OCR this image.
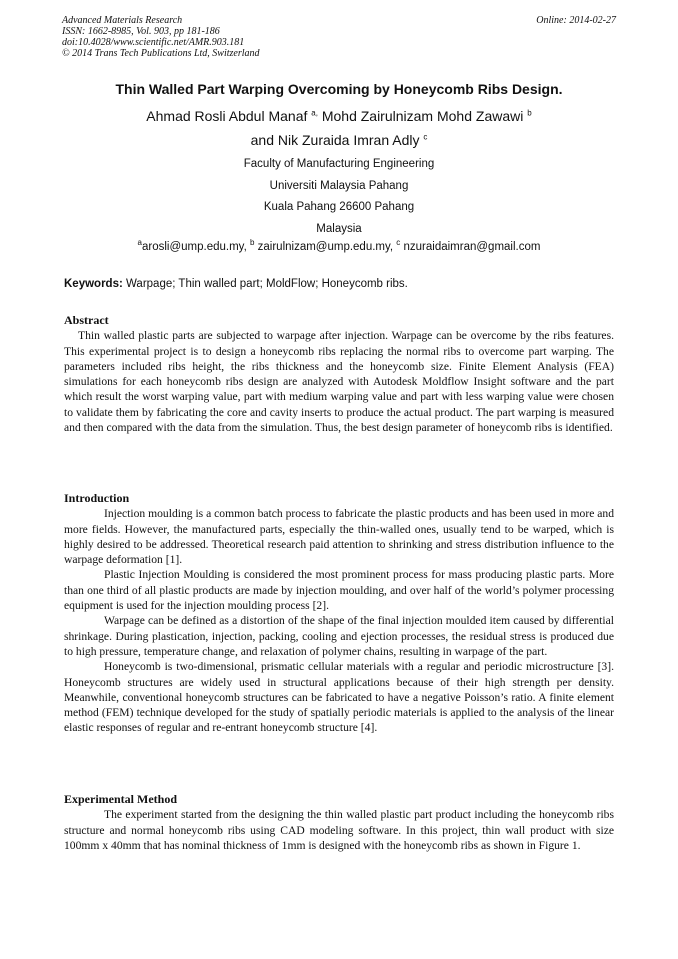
Advanced Materials Research
ISSN: 1662-8985, Vol. 903, pp 181-186
doi:10.4028/www.scientific.net/AMR.903.181
© 2014 Trans Tech Publications Ltd, Switzerland
Online: 2014-02-27
Thin Walled Part Warping Overcoming by Honeycomb Ribs Design.
Ahmad Rosli Abdul Manaf $^{a,}$ Mohd Zairulnizam Mohd Zawawi $^b$
and Nik Zuraida Imran Adly $^c$
Faculty of Manufacturing Engineering
Universiti Malaysia Pahang
Kuala Pahang 26600 Pahang
Malaysia
$^a$arosli@ump.edu.my, $^b$ zairulnizam@ump.edu.my, $^c$ nzuraidaimran@gmail.com
Keywords: Warpage; Thin walled part; MoldFlow; Honeycomb ribs.

Abstract

Thin walled plastic parts are subjected to warpage after injection. Warpage can be overcome by the ribs features. This experimental project is to design a honeycomb ribs replacing the normal ribs to overcome part warping. The parameters included ribs height, the ribs thickness and the honeycomb size. Finite Element Analysis (FEA) simulations for each honeycomb ribs design are analyzed with Autodesk Moldflow Insight software and the part which result the worst warping value, part with medium warping value and part with less warping value were chosen to validate them by fabricating the core and cavity inserts to produce the actual product. The part warping is measured and then compared with the data from the simulation. Thus, the best design parameter of honeycomb ribs is identified.

Introduction

Injection moulding is a common batch process to fabricate the plastic products and has been used in more and more fields. However, the manufactured parts, especially the thin-walled ones, usually tend to be warped, which is highly desired to be addressed. Theoretical research paid attention to shrinking and stress distribution influence to the warpage deformation [1].

Plastic Injection Moulding is considered the most prominent process for mass producing plastic parts. More than one third of all plastic products are made by injection moulding, and over half of the world’s polymer processing equipment is used for the injection moulding process [2].

Warpage can be defined as a distortion of the shape of the final injection moulded item caused by differential shrinkage. During plastication, injection, packing, cooling and ejection processes, the residual stress is produced due to high pressure, temperature change, and relaxation of polymer chains, resulting in warpage of the part.

Honeycomb is two-dimensional, prismatic cellular materials with a regular and periodic microstructure [3]. Honeycomb structures are widely used in structural applications because of their high strength per density. Meanwhile, conventional honeycomb structures can be fabricated to have a negative Poisson’s ratio. A finite element method (FEM) technique developed for the study of spatially periodic materials is applied to the analysis of the linear elastic responses of regular and re-entrant honeycomb structure [4].

Experimental Method

The experiment started from the designing the thin walled plastic part product including the honeycomb ribs structure and normal honeycomb ribs using CAD modeling software. In this project, thin wall product with size 100mm x 40mm that has nominal thickness of 1mm is designed with the honeycomb ribs as shown in Figure 1.
